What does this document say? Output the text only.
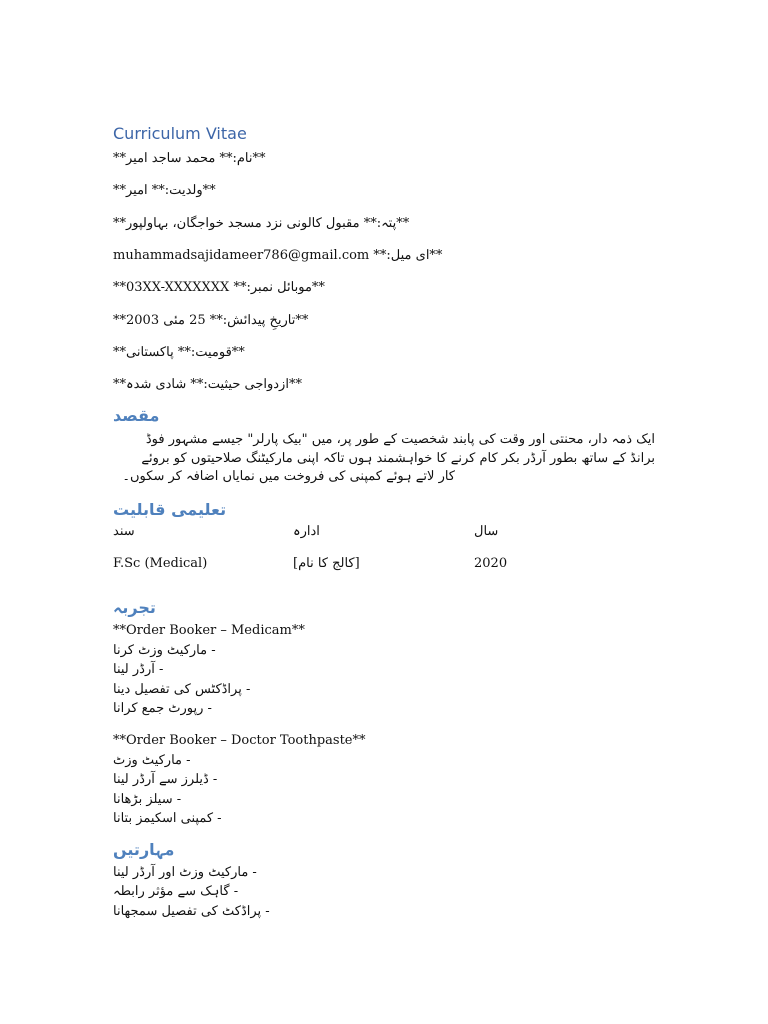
Curriculum Vitae
**نام:** محمد ساجد امیر**
**ولدیت:** امیر**
**پتہ:** مقبول کالونی نزد مسجد خواجگان، بہاولپور**
**ای میل:** muhammadsajidameer786@gmail.com
**موبائل نمبر:** 03XX-XXXXXXX**
**تاریخِ پیدائش:** 25 مئی 2003**
**قومیت:** پاکستانی**
**ازدواجی حیثیت:** شادی شدہ**
مقصد
ایک ذمہ دار، محنتی اور وقت کی پابند شخصیت کے طور پر، میں "بیک پارلر" جیسے مشہور فوڈ
برانڈ کے ساتھ بطور آرڈر بکر کام کرنے کا خواہشمند ہوں تاکہ اپنی مارکیٹنگ صلاحیتوں کو بروئے
کار لاتے ہوئے کمپنی کی فروخت میں نمایاں اضافہ کر سکوں۔
تعلیمی قابلیت
سند	ادارہ	سال
F.Sc (Medical)	[کالج کا نام]	2020
تجربہ
**Order Booker – Medicam**
- مارکیٹ وزٹ کرنا
- آرڈر لینا
- پراڈکٹس کی تفصیل دینا
- رپورٹ جمع کرانا
**Order Booker – Doctor Toothpaste**
- مارکیٹ وزٹ
- ڈیلرز سے آرڈر لینا
- سیلز بڑھانا
- کمپنی اسکیمز بتانا
مہارتیں
- مارکیٹ وزٹ اور آرڈر لینا
- گاہک سے مؤثر رابطہ
- پراڈکٹ کی تفصیل سمجھانا
